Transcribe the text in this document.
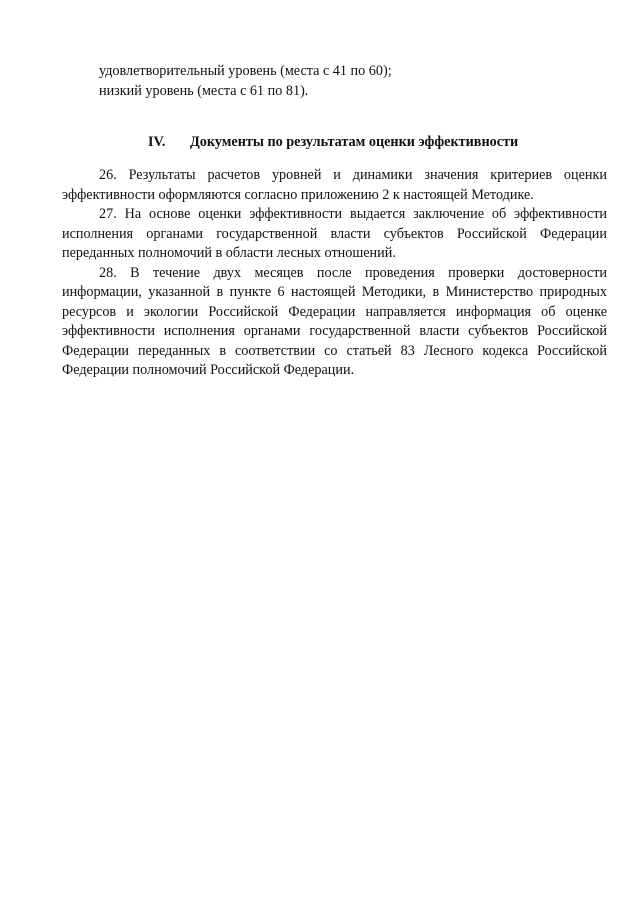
удовлетворительный уровень (места с 41 по 60);
низкий уровень (места с 61 по 81).
IV. Документы по результатам оценки эффективности

26. Результаты расчетов уровней и динамики значения критериев оценки эффективности оформляются согласно приложению 2 к настоящей Методике.

27. На основе оценки эффективности выдается заключение об эффективности исполнения органами государственной власти субъектов Российской Федерации переданных полномочий в области лесных отношений.

28. В течение двух месяцев после проведения проверки достоверности информации, указанной в пункте 6 настоящей Методики, в Министерство природных ресурсов и экологии Российской Федерации направляется информация об оценке эффективности исполнения органами государственной власти субъектов Российской Федерации переданных в соответствии со статьей 83 Лесного кодекса Российской Федерации полномочий Российской Федерации.
